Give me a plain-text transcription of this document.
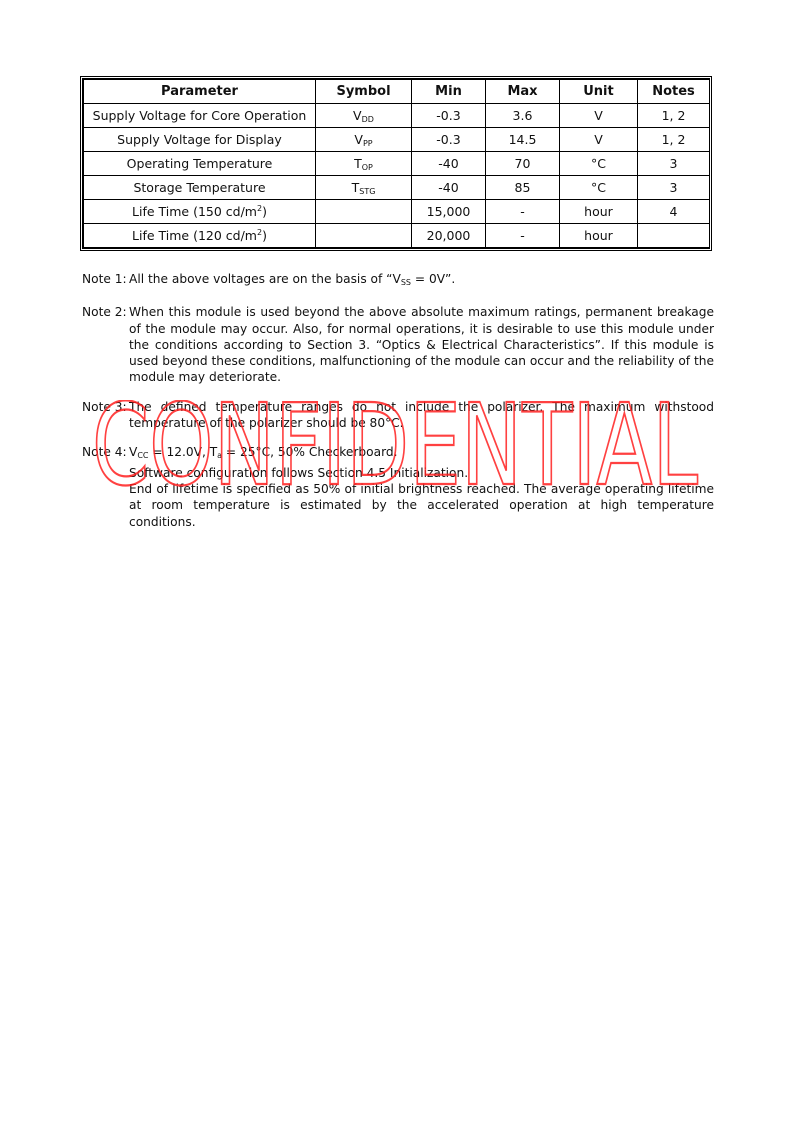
Parameter	Symbol	Min	Max	Unit	Notes
Supply Voltage for Core Operation	$V_{DD}$	-0.3	3.6	V	1, 2
Supply Voltage for Display	$V_{PP}$	-0.3	14.5	V	1, 2
Operating Temperature	$T_{OP}$	-40	70	°C	3
Storage Temperature	$T_{STG}$	-40	85	°C	3
Life Time (150 $cd/m^2$)		15,000	-	hour	4
Life Time (120 $cd/m^2$)		20,000	-	hour	
Note 1: All the above voltages are on the basis of “$V_{SS} = 0V$”.
Note 2: When this module is used beyond the above absolute maximum ratings, permanent breakage of the module may occur. Also, for normal operations, it is desirable to use this module under the conditions according to Section 3. “Optics & Electrical Characteristics”. If this module is used beyond these conditions, malfunctioning of the module can occur and the reliability of the module may deteriorate.
Note 3: The defined temperature ranges do not include the polarizer. The maximum withstood temperature of the polarizer should be 80°C.
Note 4: $V_{CC} = 12.0V$, $T_a = 25^\circ C$, 50% Checkerboard.

Software configuration follows Section 4.5 Initialization.

End of lifetime is specified as 50% of initial brightness reached. The average operating lifetime at room temperature is estimated by the accelerated operation at high temperature conditions.

CONFIDENTIAL
